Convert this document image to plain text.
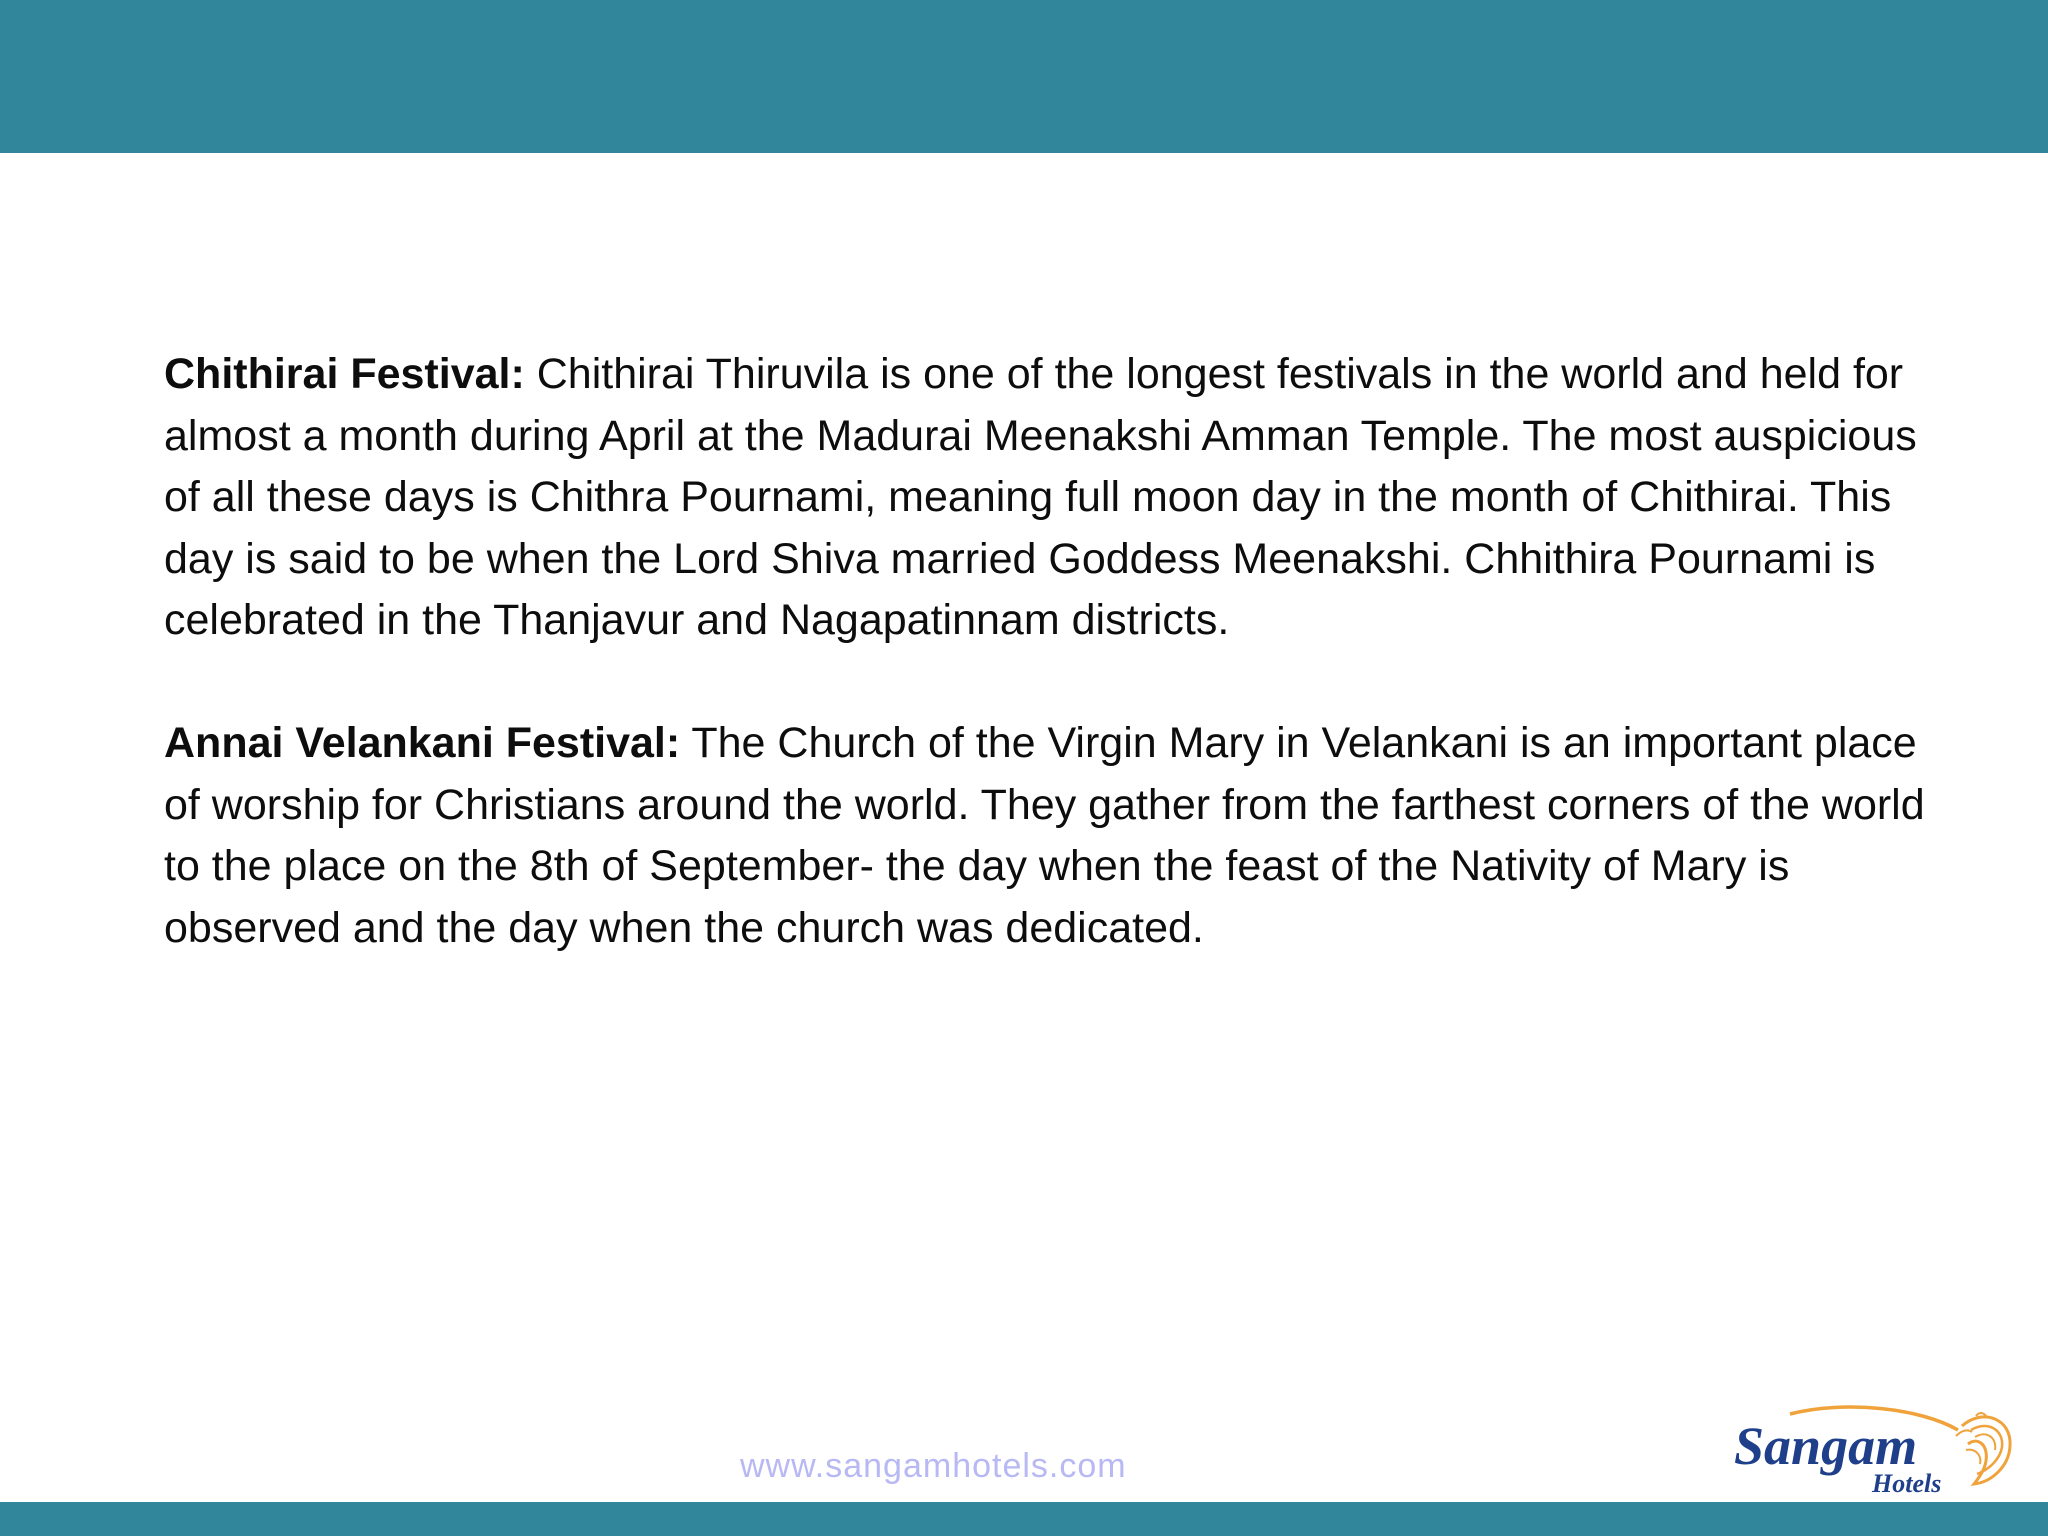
Chithirai Festival: Chithirai Thiruvila is one of the longest festivals in the world and held for almost a month during April at the Madurai Meenakshi Amman Temple. The most auspicious of all these days is Chithra Pournami, meaning full moon day in the month of Chithirai. This day is said to be when the Lord Shiva married Goddess Meenakshi. Chhithira Pournami is celebrated in the Thanjavur and Nagapatinnam districts.

Annai Velankani Festival: The Church of the Virgin Mary in Velankani is an important place of worship for Christians around the world. They gather from the farthest corners of the world to the place on the 8th of September- the day when the feast of the Nativity of Mary is observed and the day when the church was dedicated.

www.sangamhotels.com	Sangam
Hotels
